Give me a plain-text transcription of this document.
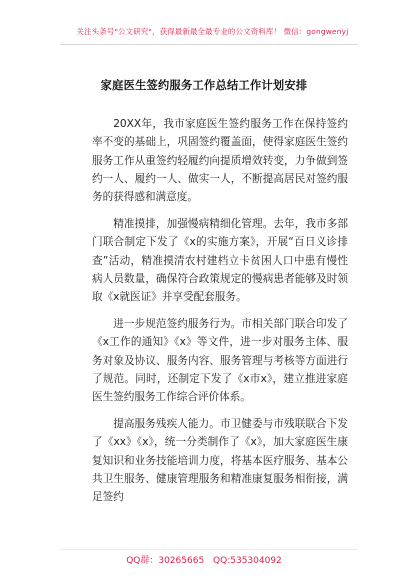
关注头条号"公文研究"，获得最新最全最专业的公文资料库！ 微信：gongwenyj
家庭医生签约服务工作总结工作计划安排

20XX年，我市家庭医生签约服务工作在保持签约率不变的基础上，巩固签约覆盖面，使得家庭医生签约服务工作从重签约轻履约向提质增效转变，力争做到签约一人、履约一人、做实一人，不断提高居民对签约服务的获得感和满意度。

精准摸排，加强慢病精细化管理。去年，我市多部门联合制定下发了《x的实施方案》，开展“百日义诊排查”活动，精准摸清农村建档立卡贫困人口中患有慢性病人员数量，确保符合政策规定的慢病患者能够及时领取《x就医证》并享受配套服务。

进一步规范签约服务行为。市相关部门联合印发了《x工作的通知》《x》等文件，进一步对服务主体、服务对象及协议、服务内容、服务管理与考核等方面进行了规范。同时，还制定下发了《x市x》，建立推进家庭医生签约服务工作综合评价体系。

提高服务残疾人能力。市卫健委与市残联联合下发了《xx》《x》，统一分类制作了《x》，加大家庭医生康复知识和业务技能培训力度，将基本医疗服务、基本公共卫生服务、健康管理服务和精准康复服务相衔接，满足签约

QQ群：30265665 QQ:535304092
